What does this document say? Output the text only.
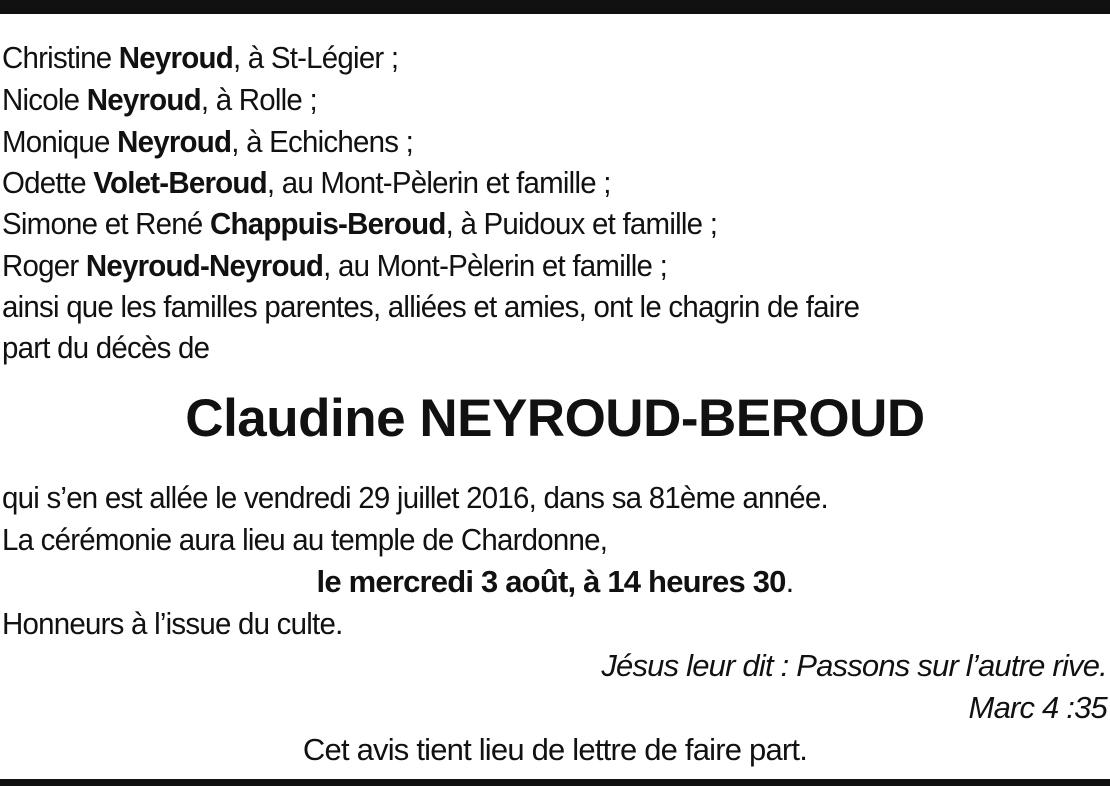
Christine Neyroud, à St-Légier ;
Nicole Neyroud, à Rolle ;
Monique Neyroud, à Echichens ;
Odette Volet-Beroud, au Mont-Pèlerin et famille ;
Simone et René Chappuis-Beroud, à Puidoux et famille ;
Roger Neyroud-Neyroud, au Mont-Pèlerin et famille ;
ainsi que les familles parentes, alliées et amies, ont le chagrin de faire
part du décès de
Claudine NEYROUD-BEROUD
qui s’en est allée le vendredi 29 juillet 2016, dans sa 81ème année.
La cérémonie aura lieu au temple de Chardonne,
le mercredi 3 août, à 14 heures 30.
Honneurs à l’issue du culte.
Jésus leur dit : Passons sur l’autre rive.
Marc 4 :35
Cet avis tient lieu de lettre de faire part.
